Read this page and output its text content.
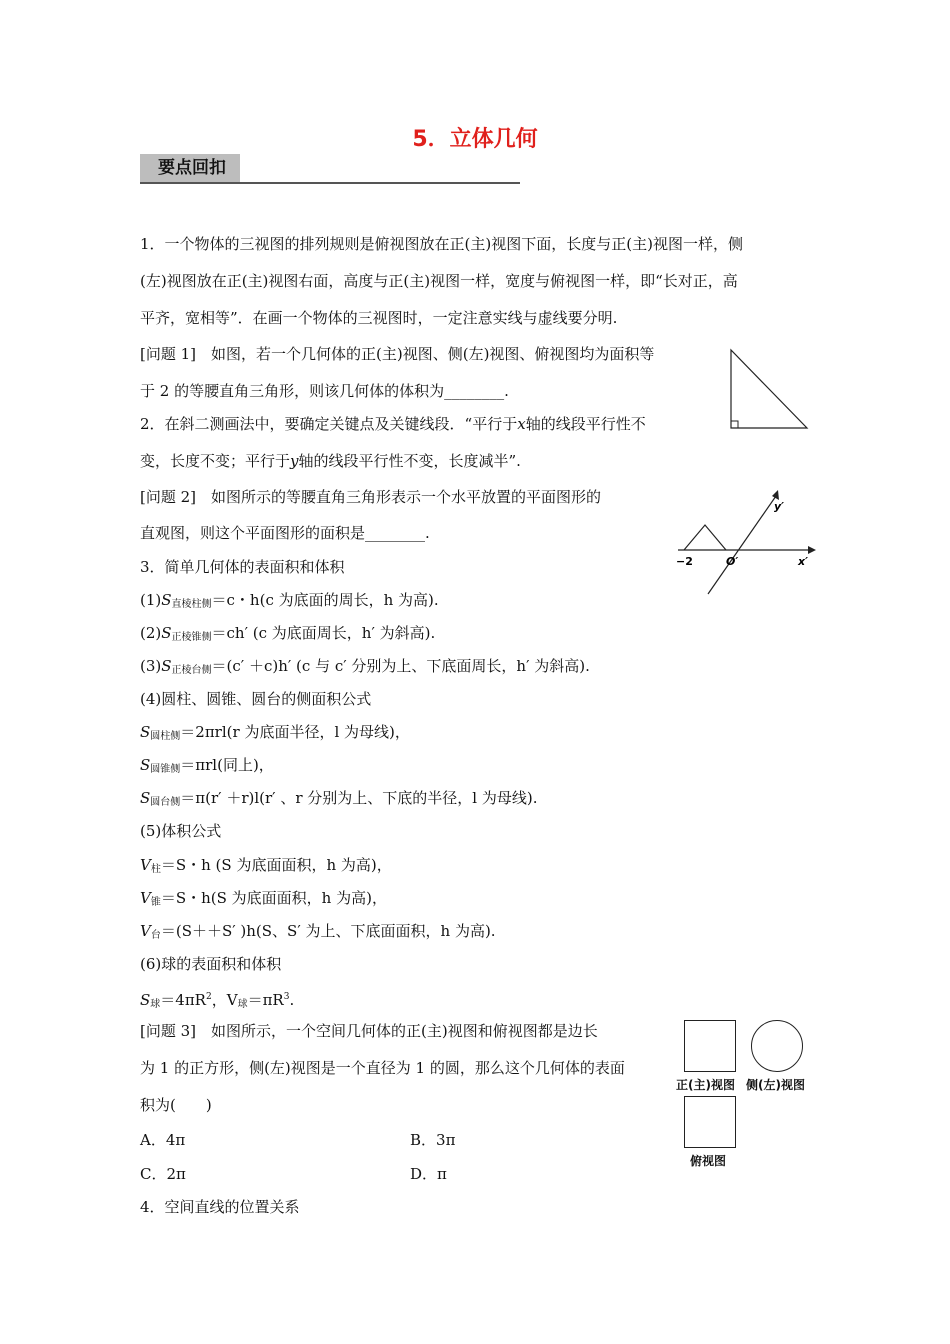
5．立体几何
要点回扣
1．一个物体的三视图的排列规则是俯视图放在正(主)视图下面，长度与正(主)视图一样，侧
(左)视图放在正(主)视图右面，高度与正(主)视图一样，宽度与俯视图一样，即“长对正，高
平齐，宽相等”．在画一个物体的三视图时，一定注意实线与虚线要分明.
[问题 1]　如图，若一个几何体的正(主)视图、侧(左)视图、俯视图均为面积等
于 2 的等腰直角三角形，则该几何体的体积为________.
2．在斜二测画法中，要确定关键点及关键线段．“平行于x轴的线段平行性不
变，长度不变；平行于y轴的线段平行性不变，长度减半”.
[问题 2]　如图所示的等腰直角三角形表示一个水平放置的平面图形的
直观图，则这个平面图形的面积是________.
−2	O′	x′
y′
3．简单几何体的表面积和体积
$(1)S_{直棱柱侧}=c$・h(c 为底面的周长，h 为高).
$(2)S_{正棱锥侧}=ch'$ (c 为底面周长，h′ 为斜高).
$(3)S_{正棱台侧}=(c' +c)h'$ (c 与 c′ 分别为上、下底面周长，h′ 为斜高).
(4)圆柱、圆锥、圆台的侧面积公式
$S_{圆柱侧}=2\pi rl(r$ 为底面半径，l 为母线)，
$S_{圆锥侧}=\pi rl$(同上)，
$S_{圆台侧}=\pi(r' +r)l(r'$ 、r 分别为上、下底的半径，l 为母线).
(5)体积公式
$V_柱=S$・h (S 为底面面积，h 为高)，
$V_锥=S$・h(S 为底面面积，h 为高)，
$V_台=(S++S'$ )h(S、S′ 为上、下底面面积，h 为高).
(6)球的表面积和体积
$S_球=4\pi R^2$，$V_球=\pi R^3$.
[问题 3]　如图所示，一个空间几何体的正(主)视图和俯视图都是边长
为 1 的正方形，侧(左)视图是一个直径为 1 的圆，那么这个几何体的表面
积为(　　)
A．4π	B．3π
C．2π	D．π
正(主)视图 侧(左)视图
俯视图
4．空间直线的位置关系
